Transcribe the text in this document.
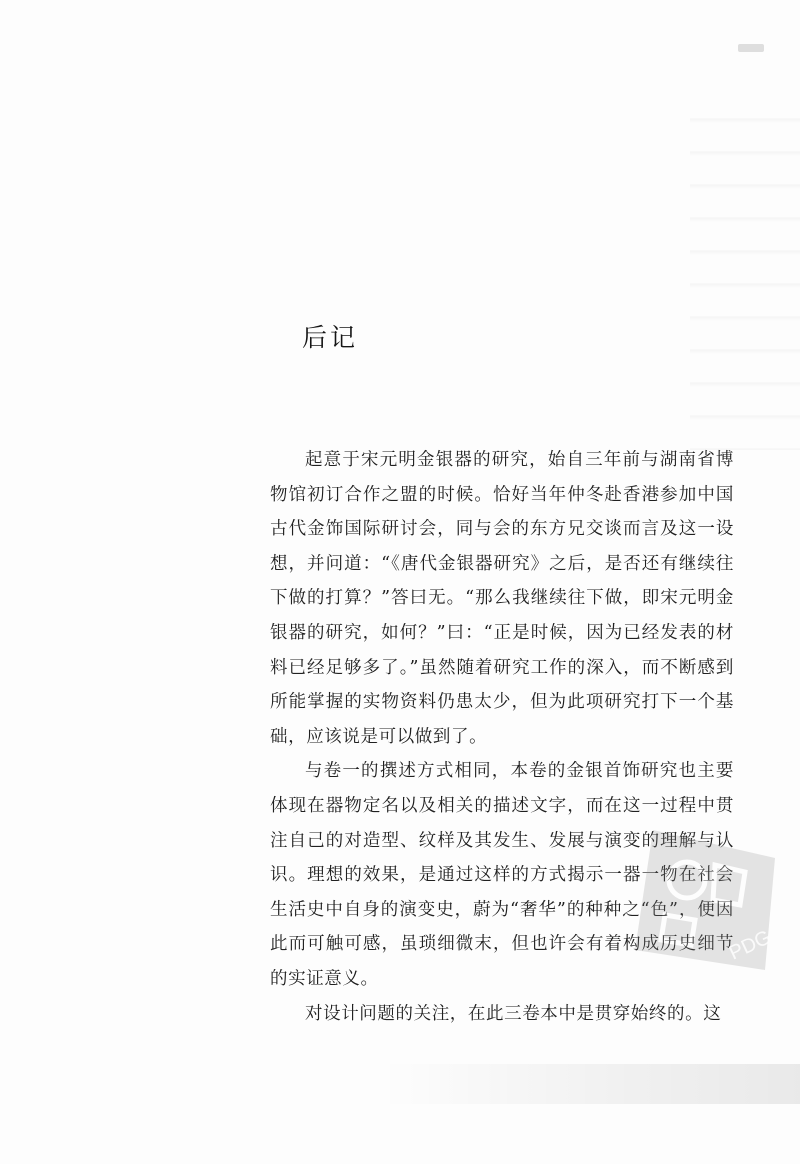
后记

起意于宋元明金银器的研究，始自三年前与湖南省博物馆初订合作之盟的时候。恰好当年仲冬赴香港参加中国古代金饰国际研讨会，同与会的东方兄交谈而言及这一设想，并问道：“《唐代金银器研究》之后，是否还有继续往下做的打算？”答曰无。“那么我继续往下做，即宋元明金银器的研究，如何？”曰：“正是时候，因为已经发表的材料已经足够多了。”虽然随着研究工作的深入，而不断感到所能掌握的实物资料仍患太少，但为此项研究打下一个基础，应该说是可以做到了。

与卷一的撰述方式相同，本卷的金银首饰研究也主要体现在器物定名以及相关的描述文字，而在这一过程中贯注自己的对造型、纹样及其发生、发展与演变的理解与认识。理想的效果，是通过这样的方式揭示一器一物在社会生活史中自身的演变史，蔚为“奢华”的种种之“色”，便因此而可触可感，虽琐细微末，但也许会有着构成历史细节的实证意义。

对设计问题的关注，在此三卷本中是贯穿始终的。这

PDG
